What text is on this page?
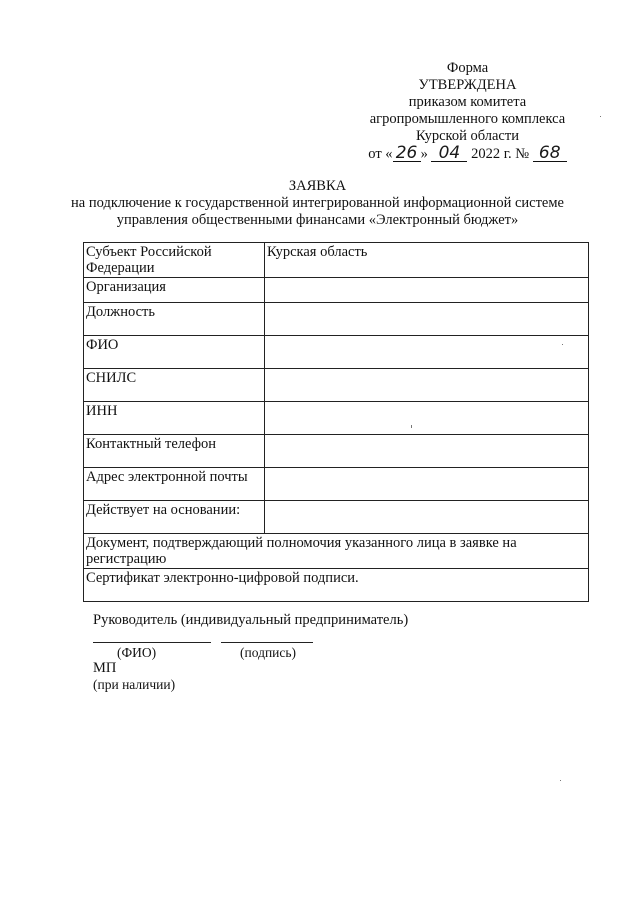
Форма
УТВЕРЖДЕНА
приказом комитета
агропромышленного комплекса
Курской области
от « 26 » 04 2022 г. № 68
ЗАЯВКА
на подключение к государственной интегрированной информационной системе
управления общественными финансами «Электронный бюджет»
Субъект Российской Федерации	Курская область
Организация	
Должность	
ФИО	
СНИЛС	
ИНН	
Контактный телефон	
Адрес электронной почты	
Действует на основании:	
Документ, подтверждающий полномочия указанного лица в заявке на регистрацию	
Сертификат электронно-цифровой подписи.	
Руководитель (индивидуальный предприниматель)
(ФИО)	(подпись)
МП
(при наличии)
